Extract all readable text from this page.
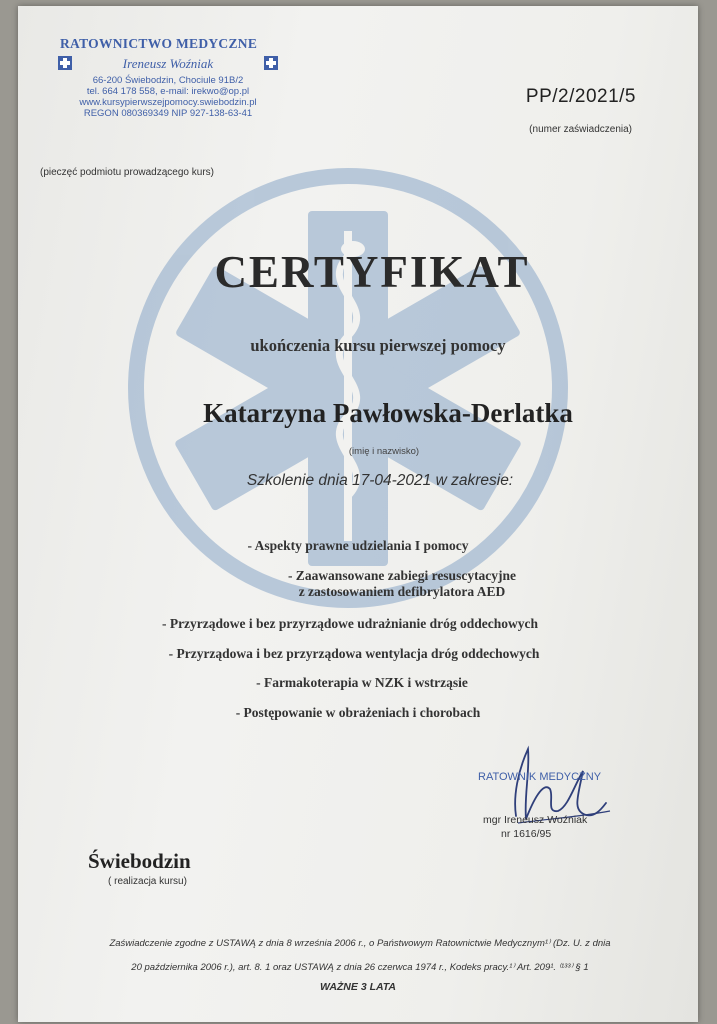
RATOWNICTWO MEDYCZNE
Ireneusz Woźniak
66-200 Świebodzin, Chociule 91B/2
tel. 664 178 558, e-mail: irekwo@op.pl
www.kursypierwszejpomocy.swiebodzin.pl
REGON 080369349 NIP 927-138-63-41
(pieczęć podmiotu prowadzącego kurs)
PP/2/2021/5
(numer zaświadczenia)
CERTYFIKAT
ukończenia kursu pierwszej pomocy
Katarzyna Pawłowska-Derlatka
(imię i nazwisko)
Szkolenie dnia 17-04-2021 w zakresie:
- Aspekty prawne udzielania I pomocy
- Zaawansowane zabiegi resuscytacyjne
z zastosowaniem defibrylatora AED
- Przyrządowe i bez przyrządowe udrażnianie dróg oddechowych
- Przyrządowa i bez przyrządowa wentylacja dróg oddechowych
- Farmakoterapia w NZK i wstrząsie
- Postępowanie w obrażeniach i chorobach
RATOWNIK MEDYCZNY
mgr Ireneusz Woźniak
nr 1616/95
Świebodzin
( realizacja kursu)
Zaświadczenie zgodne z USTAWĄ z dnia 8 września 2006 r., o Państwowym Ratownictwie Medycznym¹⁾ (Dz. U. z dnia
20 października 2006 r.), art. 8. 1 oraz USTAWĄ z dnia 26 czerwca 1974 r., Kodeks pracy.¹⁾ Art. 209¹. ⁽¹³³⁾ § 1
WAŻNE 3 LATA
